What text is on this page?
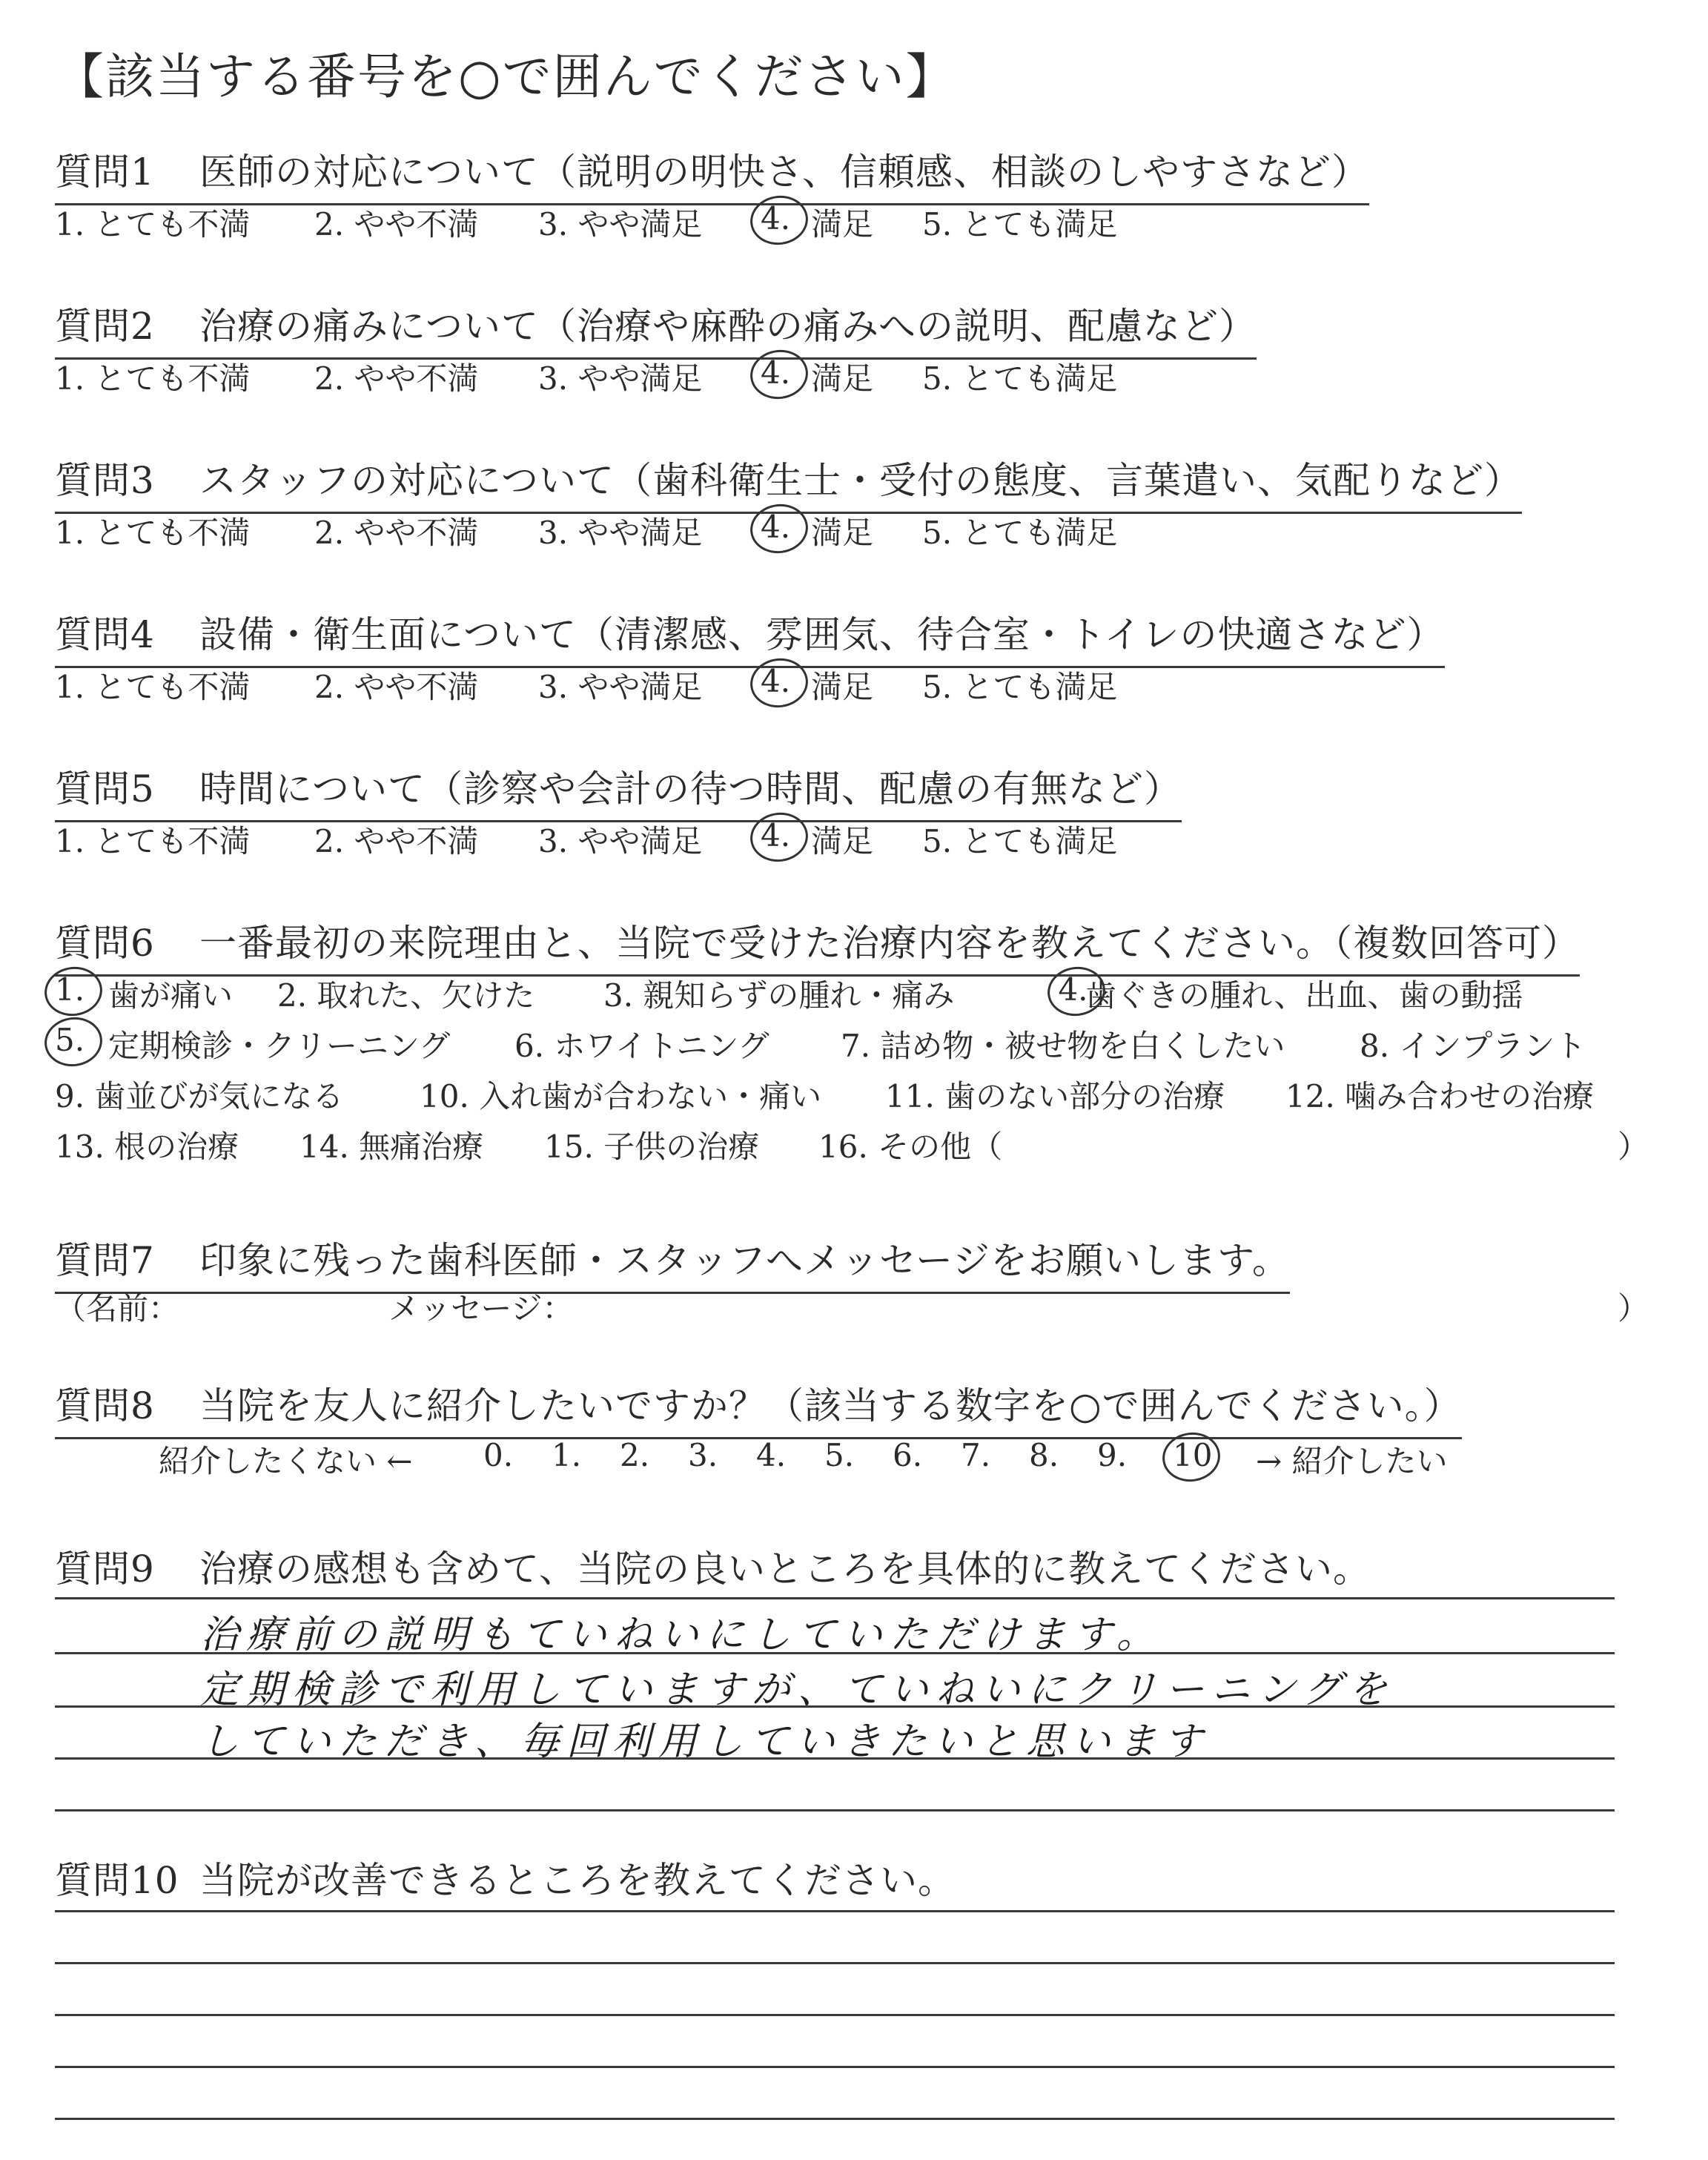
【該当する番号を○で囲んでください】
質問1 医師の対応について（説明の明快さ、信頼感、相談のしやすさなど）
1. とても不満 2. やや不満 3. やや満足 4. 満足 5. とても満足
質問2 治療の痛みについて（治療や麻酔の痛みへの説明、配慮など）
1. とても不満 2. やや不満 3. やや満足 4. 満足 5. とても満足
質問3 スタッフの対応について（歯科衛生士・受付の態度、言葉遣い、気配りなど）
1. とても不満 2. やや不満 3. やや満足 4. 満足 5. とても満足
質問4 設備・衛生面について（清潔感、雰囲気、待合室・トイレの快適さなど）
1. とても不満 2. やや不満 3. やや満足 4. 満足 5. とても満足
質問5 時間について（診察や会計の待つ時間、配慮の有無など）
1. とても不満 2. やや不満 3. やや満足 4. 満足 5. とても満足
質問6 一番最初の来院理由と、当院で受けた治療内容を教えてください。（複数回答可）
1. 歯が痛い 2. 取れた、欠けた 3. 親知らずの腫れ・痛み	4.
歯ぐきの腫れ、出血、歯の動揺
5. 定期検診・クリーニング 6. ホワイトニング 7. 詰め物・被せ物を白くしたい 8. インプラント
9. 歯並びが気になる 10. 入れ歯が合わない・痛い 11. 歯のない部分の治療 12. 噛み合わせの治療
13. 根の治療 14. 無痛治療 15. 子供の治療 16. その他（	）
質問7 印象に残った歯科医師・スタッフへメッセージをお願いします。
（名前：	メッセージ：	）
質問8 当院を友人に紹介したいですか？（該当する数字を○で囲んでください。）
紹介したくない ← 0. 1. 2. 3. 4. 5. 6. 7. 8. 9. 10 → 紹介したい
質問9 治療の感想も含めて、当院の良いところを具体的に教えてください。
治療前の説明もていねいにしていただけます。
定期検診で利用していますが、ていねいにクリーニングを
していただき、毎回利用していきたいと思います
質問10 当院が改善できるところを教えてください。
